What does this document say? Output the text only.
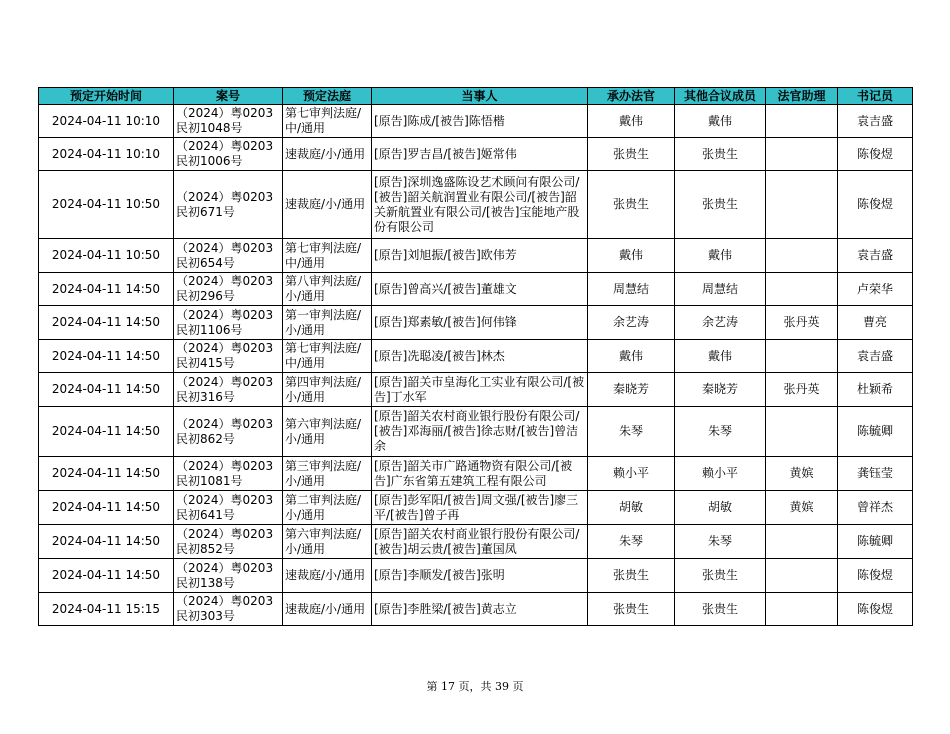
预定开始时间	案号	预定法庭	当事人	承办法官	其他合议成员	法官助理	书记员
2024-04-11 10:10	（2024）粤0203民初1048号	第七审判法庭/中/通用	[原告]陈成/[被告]陈悟楷	戴伟	戴伟		袁吉盛
2024-04-11 10:10	（2024）粤0203民初1006号	速裁庭/小/通用	[原告]罗吉昌/[被告]姬常伟	张贵生	张贵生		陈俊煜
2024-04-11 10:50	（2024）粤0203民初671号	速裁庭/小/通用	[原告]深圳逸盛陈设艺术顾问有限公司/[被告]韶关航润置业有限公司/[被告]韶关新航置业有限公司/[被告]宝能地产股份有限公司	张贵生	张贵生		陈俊煜
2024-04-11 10:50	（2024）粤0203民初654号	第七审判法庭/中/通用	[原告]刘旭振/[被告]欧伟芳	戴伟	戴伟		袁吉盛
2024-04-11 14:50	（2024）粤0203民初296号	第八审判法庭/小/通用	[原告]曾高兴/[被告]董雄文	周慧结	周慧结		卢荣华
2024-04-11 14:50	（2024）粤0203民初1106号	第一审判法庭/小/通用	[原告]郑素敏/[被告]何伟锋	余艺涛	余艺涛	张丹英	曹亮
2024-04-11 14:50	（2024）粤0203民初415号	第七审判法庭/中/通用	[原告]冼聪凌/[被告]林杰	戴伟	戴伟		袁吉盛
2024-04-11 14:50	（2024）粤0203民初316号	第四审判法庭/小/通用	[原告]韶关市皇海化工实业有限公司/[被告]丁水军	秦晓芳	秦晓芳	张丹英	杜颖希
2024-04-11 14:50	（2024）粤0203民初862号	第六审判法庭/小/通用	[原告]韶关农村商业银行股份有限公司/[被告]邓海丽/[被告]徐志财/[被告]曾洁余	朱琴	朱琴		陈毓卿
2024-04-11 14:50	（2024）粤0203民初1081号	第三审判法庭/小/通用	[原告]韶关市广路通物资有限公司/[被告]广东省第五建筑工程有限公司	赖小平	赖小平	黄嫔	龚钰莹
2024-04-11 14:50	（2024）粤0203民初641号	第二审判法庭/小/通用	[原告]彭军阳/[被告]周文强/[被告]廖三平/[被告]曾子再	胡敏	胡敏	黄嫔	曾祥杰
2024-04-11 14:50	（2024）粤0203民初852号	第六审判法庭/小/通用	[原告]韶关农村商业银行股份有限公司/[被告]胡云贵/[被告]董国凤	朱琴	朱琴		陈毓卿
2024-04-11 14:50	（2024）粤0203民初138号	速裁庭/小/通用	[原告]李顺发/[被告]张明	张贵生	张贵生		陈俊煜
2024-04-11 15:15	（2024）粤0203民初303号	速裁庭/小/通用	[原告]李胜梁/[被告]黄志立	张贵生	张贵生		陈俊煜
第 17 页，共 39 页
